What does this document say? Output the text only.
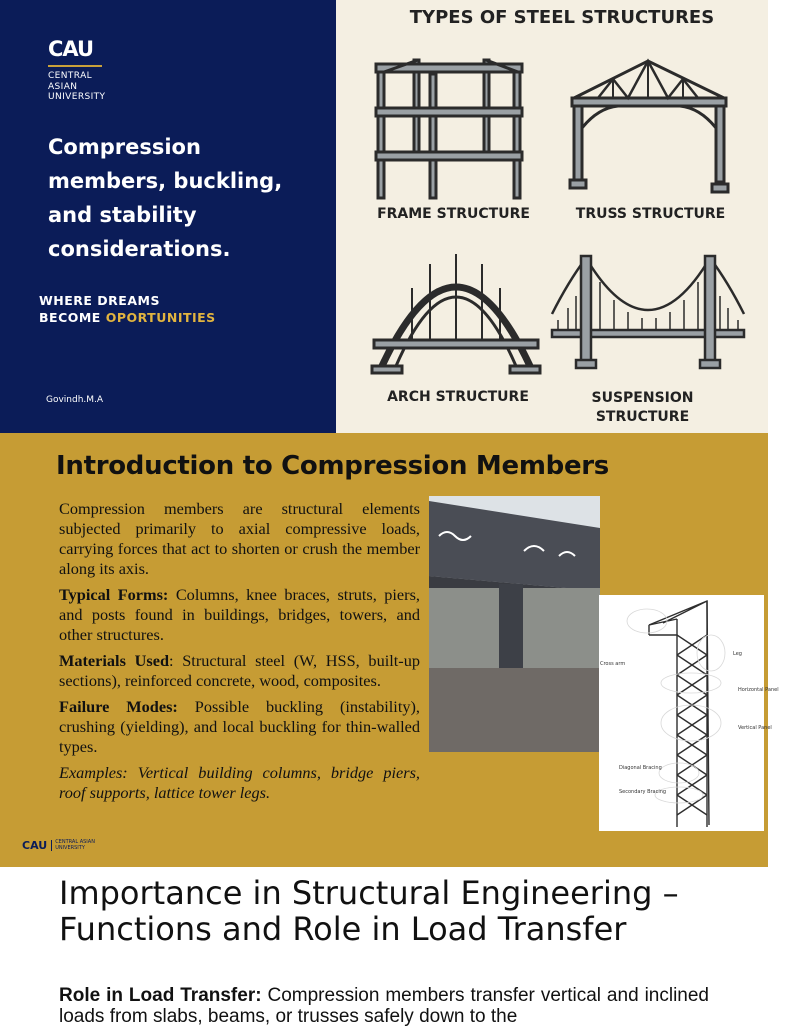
CAU
CENTRAL
ASIAN
UNIVERSITY
Compression members, buckling, and stability considerations.
WHERE DREAMS
BECOME OPORTUNITIES
Govindh.M.A
TYPES OF STEEL STRUCTURES
FRAME STRUCTURE	TRUSS STRUCTURE
ARCH STRUCTURE	SUSPENSION
STRUCTURE
Introduction to Compression Members

Compression members are structural elements subjected primarily to axial compressive loads, carrying forces that act to shorten or crush the member along its axis.

Typical Forms: Columns, knee braces, struts, piers, and posts found in buildings, bridges, towers, and other structures.

Materials Used: Structural steel (W, HSS, built-up sections), reinforced concrete, wood, composites.

Failure Modes: Possible buckling (instability), crushing (yielding), and local buckling for thin-walled types.

Examples: Vertical building columns, bridge piers, roof supports, lattice tower legs.

Cross arm
Leg
Horizontal Panel
Vertical Panel
Diagonal Bracing
Secondary Bracing
CAU CENTRAL ASIAN
UNIVERSITY
Importance in Structural Engineering – Functions and Role in Load Transfer
Role in Load Transfer: Compression members transfer vertical and inclined loads from slabs, beams, or trusses safely down to the
